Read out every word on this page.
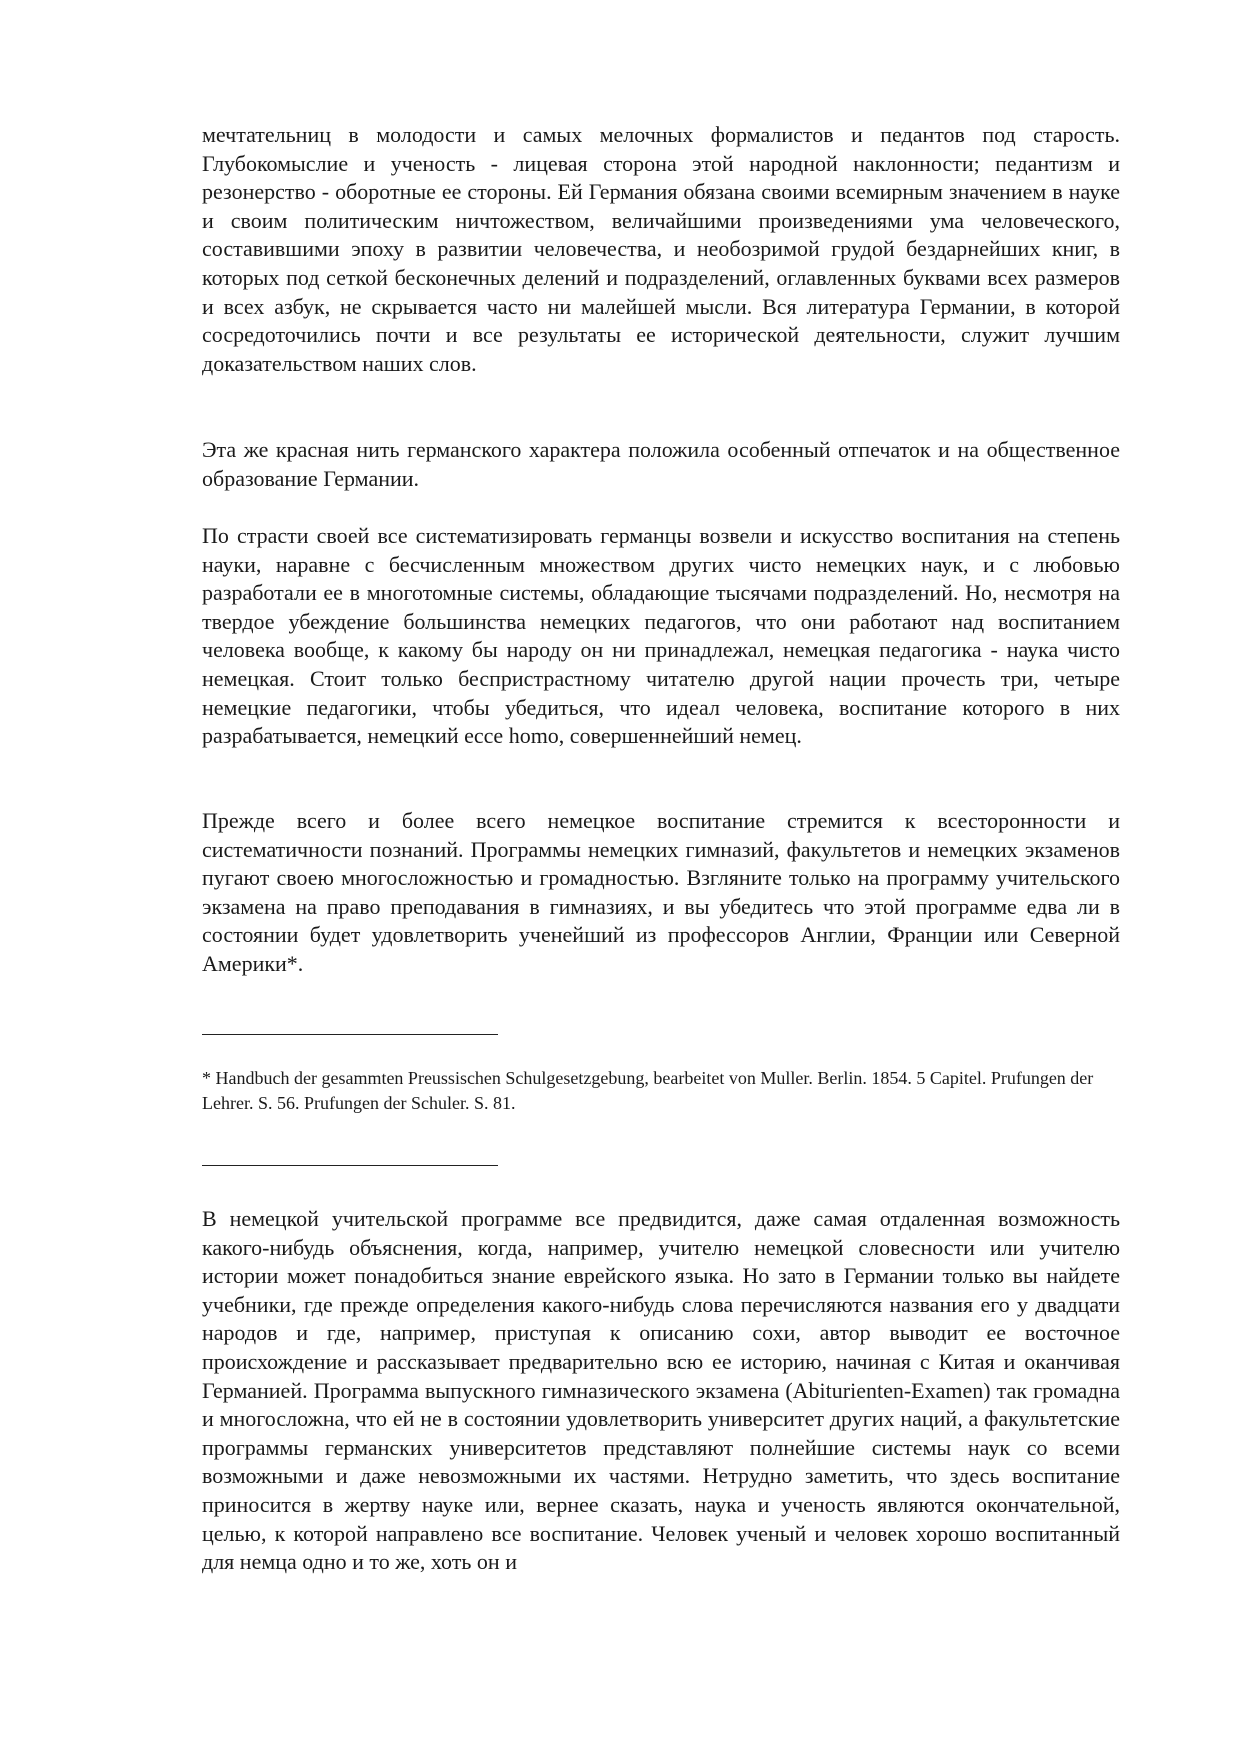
мечтательниц в молодости и самых мелочных формалистов и педантов под старость. Глубокомыслие и ученость - лицевая сторона этой народной наклонности; педантизм и резонерство - оборотные ее стороны. Ей Германия обязана своими всемирным значением в науке и своим политическим ничтожеством, величайшими произведениями ума человеческого, составившими эпоху в развитии человечества, и необозримой грудой бездарнейших книг, в которых под сеткой бесконечных делений и подразделений, оглавленных буквами всех размеров и всех азбук, не скрывается часто ни малейшей мысли. Вся литература Германии, в которой сосредоточились почти и все результаты ее исторической деятельности, служит лучшим доказательством наших слов.

Эта же красная нить германского характера положила особенный отпечаток и на общественное образование Германии.

По страсти своей все систематизировать германцы возвели и искусство воспитания на степень науки, наравне с бесчисленным множеством других чисто немецких наук, и с любовью разработали ее в многотомные системы, обладающие тысячами подразделений. Но, несмотря на твердое убеждение большинства немецких педагогов, что они работают над воспитанием человека вообще, к какому бы народу он ни принадлежал, немецкая педагогика - наука чисто немецкая. Стоит только беспристрастному читателю другой нации прочесть три, четыре немецкие педагогики, чтобы убедиться, что идеал человека, воспитание которого в них разрабатывается, немецкий ecce homo, совершеннейший немец.

Прежде всего и более всего немецкое воспитание стремится к всесторонности и систематичности познаний. Программы немецких гимназий, факультетов и немецких экзаменов пугают своею многосложностью и громадностью. Взгляните только на программу учительского экзамена на право преподавания в гимназиях, и вы убедитесь что этой программе едва ли в состоянии будет удовлетворить ученейший из профессоров Англии, Франции или Северной Америки*.

* Handbuch der gesammten Preussischen Schulgesetzgebung, bearbeitet von Muller. Berlin. 1854. 5 Capitel. Prufungen der Lehrer. S. 56. Prufungen der Schuler. S. 81.

В немецкой учительской программе все предвидится, даже самая отдаленная возможность какого-нибудь объяснения, когда, например, учителю немецкой словесности или учителю истории может понадобиться знание еврейского языка. Но зато в Германии только вы найдете учебники, где прежде определения какого-нибудь слова перечисляются названия его у двадцати народов и где, например, приступая к описанию сохи, автор выводит ее восточное происхождение и рассказывает предварительно всю ее историю, начиная с Китая и оканчивая Германией. Программа выпускного гимназического экзамена (Abiturienten-Examen) так громадна и многосложна, что ей не в состоянии удовлетворить университет других наций, а факультетские программы германских университетов представляют полнейшие системы наук со всеми возможными и даже невозможными их частями. Нетрудно заметить, что здесь воспитание приносится в жертву науке или, вернее сказать, наука и ученость являются окончательной, целью, к которой направлено все воспитание. Человек ученый и человек хорошо воспитанный для немца одно и то же, хоть он и
